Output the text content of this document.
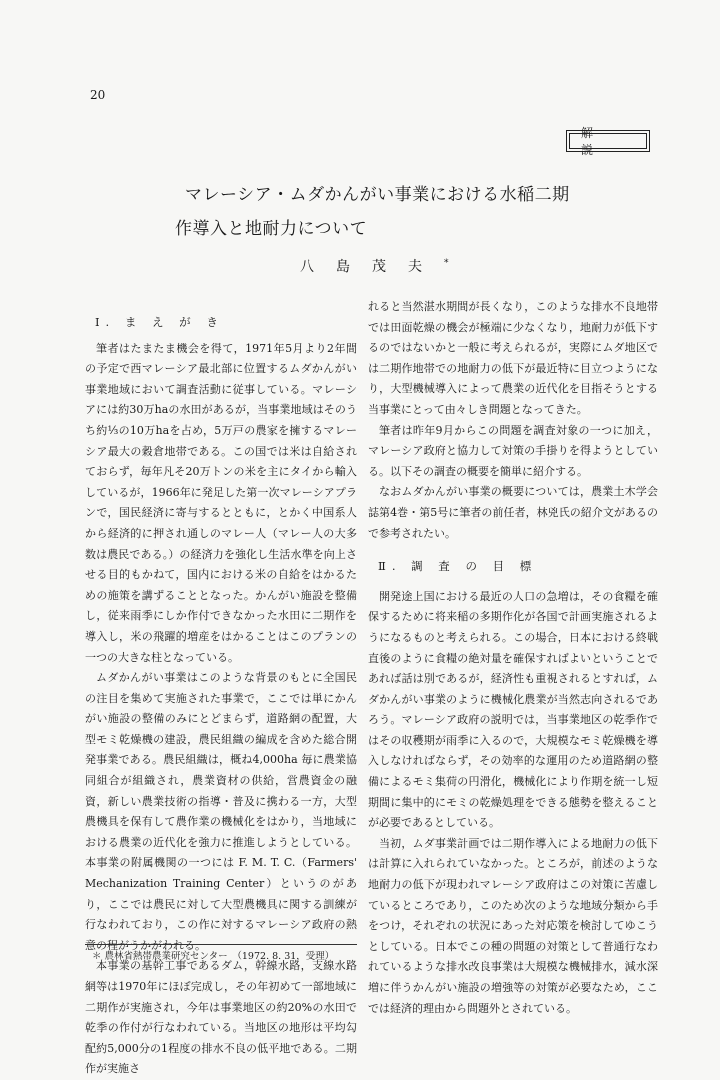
20
解　説
マレーシア・ムダかんがい事業における水稲二期
作導入と地耐力について
八島茂夫*
Ⅰ. ま え が き

筆者はたまたま機会を得て，1971年5月より2年間の予定で西マレーシア最北部に位置するムダかんがい事業地域において調査活動に従事している。マレーシアには約30万haの水田があるが，当事業地域はそのうち約⅓の10万haを占め，5万戸の農家を擁するマレーシア最大の穀倉地帯である。この国では米は自給されておらず，毎年凡そ20万トンの米を主にタイから輸入しているが，1966年に発足した第一次マレーシアプランで，国民経済に寄与するとともに，とかく中国系人から経済的に押され通しのマレー人（マレー人の大多数は農民である。）の経済力を強化し生活水準を向上させる目的もかねて，国内における米の自給をはかるための施策を講ずることとなった。かんがい施設を整備し，従来雨季にしか作付できなかった水田に二期作を導入し，米の飛躍的増産をはかることはこのプランの一つの大きな柱となっている。

ムダかんがい事業はこのような背景のもとに全国民の注目を集めて実施された事業で，ここでは単にかんがい施設の整備のみにとどまらず，道路網の配置，大型モミ乾燥機の建設，農民組織の編成を含めた総合開発事業である。農民組織は，概ね4,000ha 毎に農業協同組合が組織され，農業資材の供給，営農資金の融資，新しい農業技術の指導・普及に携わる一方，大型農機具を保有して農作業の機械化をはかり，当地域における農業の近代化を強力に推進しようとしている。本事業の附属機関の一つには F. M. T. C.（Farmers' Mechanization Training Center）というのがあり，ここでは農民に対して大型農機具に関する訓練が行なわれており，この作に対するマレーシア政府の熱意の程がうかがわれる。

本事業の基幹工事であるダム，幹線水路，支線水路網等は1970年にほぼ完成し，その年初めて一部地域に二期作が実施され，今年は事業地区の約20%の水田で乾季の作付が行なわれている。当地区の地形は平均勾配約5,000分の1程度の排水不良の低平地である。二期作が実施さ

れると当然湛水期間が長くなり，このような排水不良地帯では田面乾燥の機会が極端に少なくなり，地耐力が低下するのではないかと一般に考えられるが，実際にムダ地区では二期作地帯での地耐力の低下が最近特に目立つようになり，大型機械導入によって農業の近代化を目指そうとする当事業にとって由々しき問題となってきた。

筆者は昨年9月からこの問題を調査対象の一つに加え，マレーシア政府と協力して対策の手掛りを得ようとしている。以下その調査の概要を簡単に紹介する。

なおムダかんがい事業の概要については，農業土木学会誌第4巻・第5号に筆者の前任者，林兇氏の紹介文があるので参考されたい。

Ⅱ. 調 査 の 目 標

開発途上国における最近の人口の急増は，その食糧を確保するために将来稲の多期作化が各国で計画実施されるようになるものと考えられる。この場合，日本における終戦直後のように食糧の絶対量を確保すればよいということであれば話は別であるが，経済性も重視されるとすれば，ムダかんがい事業のように機械化農業が当然志向されるであろう。マレーシア政府の説明では，当事業地区の乾季作ではその収穫期が雨季に入るので，大規模なモミ乾燥機を導入しなければならず，その効率的な運用のため道路網の整備によるモミ集荷の円滑化，機械化により作期を統一し短期間に集中的にモミの乾燥処理をできる態勢を整えることが必要であるとしている。

当初，ムダ事業計画では二期作導入による地耐力の低下は計算に入れられていなかった。ところが，前述のような地耐力の低下が現われマレーシア政府はこの対策に苦慮しているところであり，このため次のような地域分類から手をつけ，それぞれの状況にあった対応策を検討してゆこうとしている。日本でこの種の問題の対策として普通行なわれているような排水改良事業は大規模な機械排水，減水深増に伴うかんがい施設の増強等の対策が必要なため，ここでは経済的理由から問題外とされている。

＊ 農林省熱帯農業研究センター　（1972. 8. 31，受理）
